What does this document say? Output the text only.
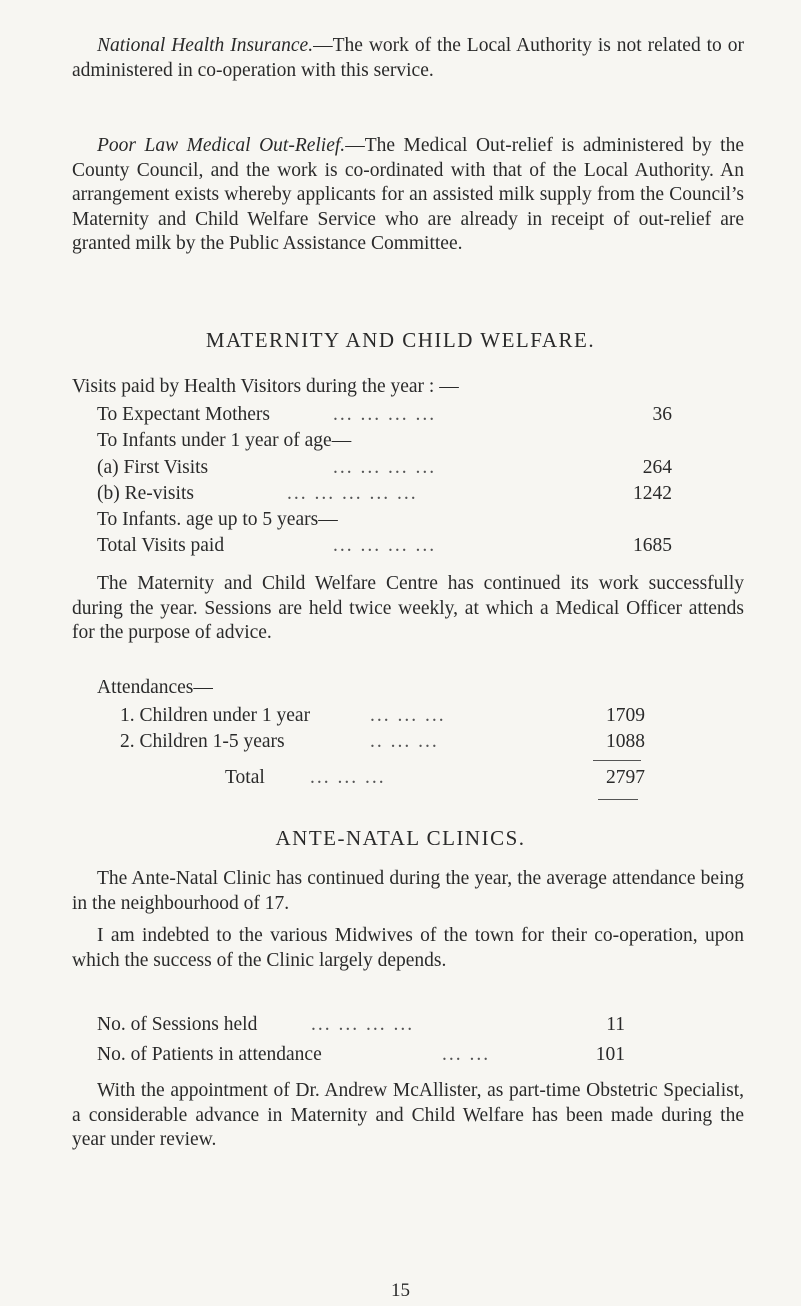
National Health Insurance.—The work of the Local Authority is not related to or administered in co-operation with this service.

Poor Law Medical Out-Relief.—The Medical Out-relief is administered by the County Council, and the work is co-ordinated with that of the Local Authority. An arrangement exists whereby applicants for an assisted milk supply from the Council’s Maternity and Child Welfare Service who are already in receipt of out-relief are granted milk by the Public Assistance Committee.

MATERNITY AND CHILD WELFARE.
Visits paid by Health Visitors during the year : —
To Expectant Mothers	... ... ... ...	36
To Infants under 1 year of age—
(a) First Visits	... ... ... ...	264
(b) Re-visits	... ... ... ... ...	1242
To Infants. age up to 5 years—
Total Visits paid	... ... ... ...	1685

The Maternity and Child Welfare Centre has continued its work successfully during the year. Sessions are held twice weekly, at which a Medical Officer attends for the purpose of advice.

Attendances—
1. Children under 1 year	... ... ...	1709
2. Children 1-5 years	.. ... ...	1088
Total ... ... ...	2797
ANTE-NATAL CLINICS.

The Ante-Natal Clinic has continued during the year, the average attendance being in the neighbourhood of 17.

I am indebted to the various Midwives of the town for their co-operation, upon which the success of the Clinic largely depends.

No. of Sessions held	... ... ... ...	11
No. of Patients in attendance	... ...	101

With the appointment of Dr. Andrew McAllister, as part-time Obstetric Specialist, a considerable advance in Maternity and Child Welfare has been made during the year under review.

15
